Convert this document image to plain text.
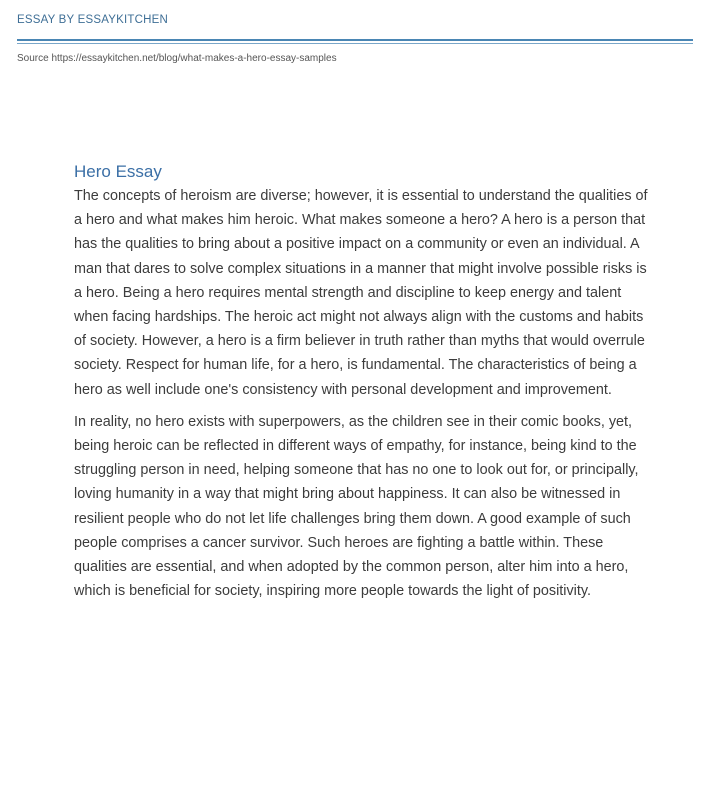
ESSAY BY ESSAYKITCHEN

Source https://essaykitchen.net/blog/what-makes-a-hero-essay-samples
Hero Essay

The concepts of heroism are diverse; however, it is essential to understand the qualities of a hero and what makes him heroic. What makes someone a hero? A hero is a person that has the qualities to bring about a positive impact on a community or even an individual. A man that dares to solve complex situations in a manner that might involve possible risks is a hero. Being a hero requires mental strength and discipline to keep energy and talent when facing hardships. The heroic act might not always align with the customs and habits of society. However, a hero is a firm believer in truth rather than myths that would overrule society. Respect for human life, for a hero, is fundamental. The characteristics of being a hero as well include one's consistency with personal development and improvement.

In reality, no hero exists with superpowers, as the children see in their comic books, yet, being heroic can be reflected in different ways of empathy, for instance, being kind to the struggling person in need, helping someone that has no one to look out for, or principally, loving humanity in a way that might bring about happiness. It can also be witnessed in resilient people who do not let life challenges bring them down. A good example of such people comprises a cancer survivor. Such heroes are fighting a battle within. These qualities are essential, and when adopted by the common person, alter him into a hero, which is beneficial for society, inspiring more people towards the light of positivity.
